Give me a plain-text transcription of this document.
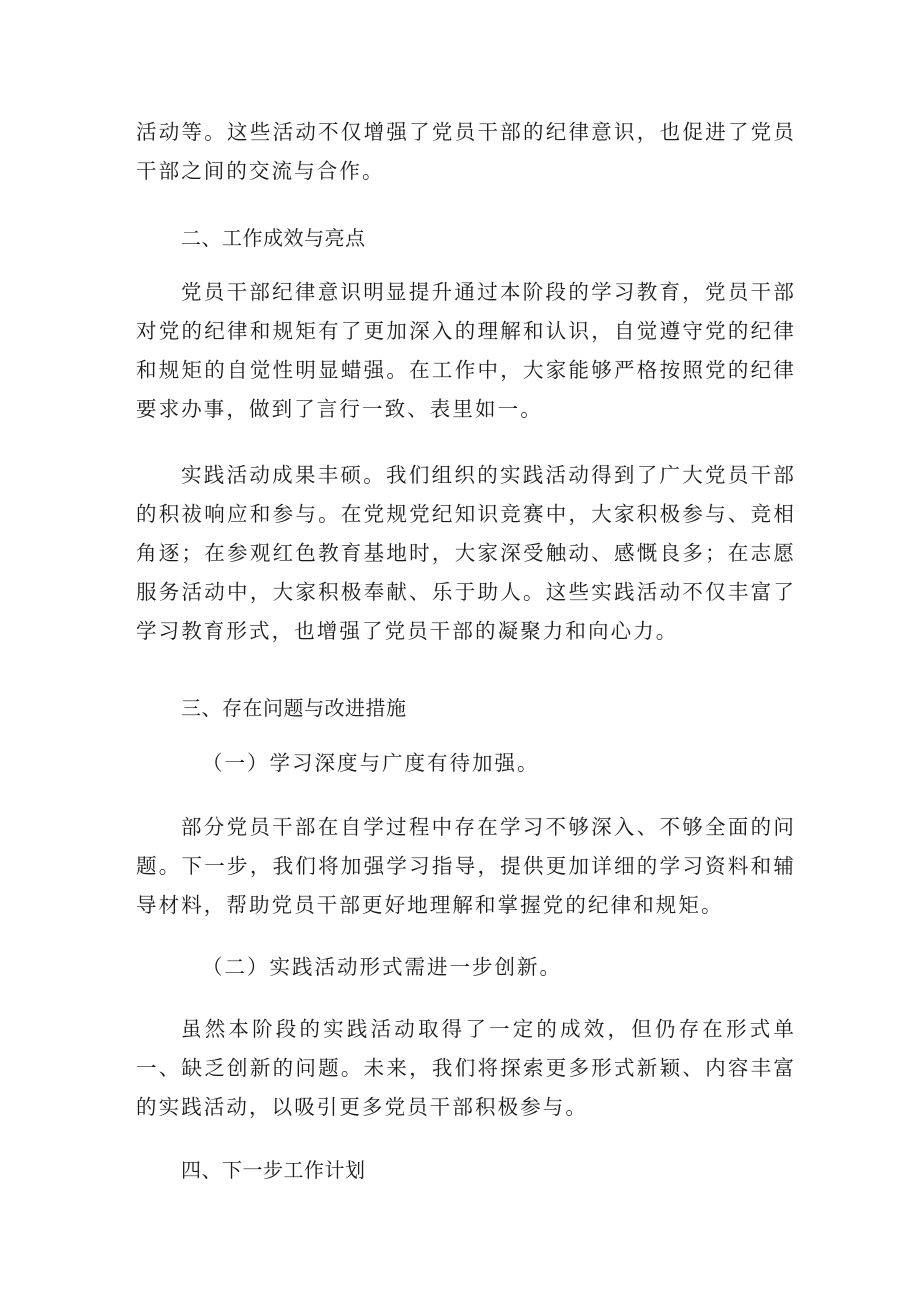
活动等。这些活动不仅增强了党员干部的纪律意识，也促进了党员干部之间的交流与合作。

二、工作成效与亮点

党员干部纪律意识明显提升通过本阶段的学习教育，党员干部对党的纪律和规矩有了更加深入的理解和认识，自觉遵守党的纪律和规矩的自觉性明显蜡强。在工作中，大家能够严格按照党的纪律要求办事，做到了言行一致、表里如一。

实践活动成果丰硕。我们组织的实践活动得到了广大党员干部的积祓响应和参与。在党规党纪知识竞赛中，大家积极参与、竞相角逐；在参观红色教育基地时，大家深受触动、感慨良多；在志愿服务活动中，大家积极奉献、乐于助人。这些实践活动不仅丰富了学习教育形式，也增强了党员干部的凝聚力和向心力。

三、存在问题与改进措施
（一）学习深度与广度有待加强。

部分党员干部在自学过程中存在学习不够深入、不够全面的问题。下一步，我们将加强学习指导，提供更加详细的学习资料和辅导材料，帮助党员干部更好地理解和掌握党的纪律和规矩。

（二）实践活动形式需进一步创新。

虽然本阶段的实践活动取得了一定的成效，但仍存在形式单一、缺乏创新的问题。未来，我们将探索更多形式新颖、内容丰富的实践活动，以吸引更多党员干部积极参与。

四、下一步工作计划
